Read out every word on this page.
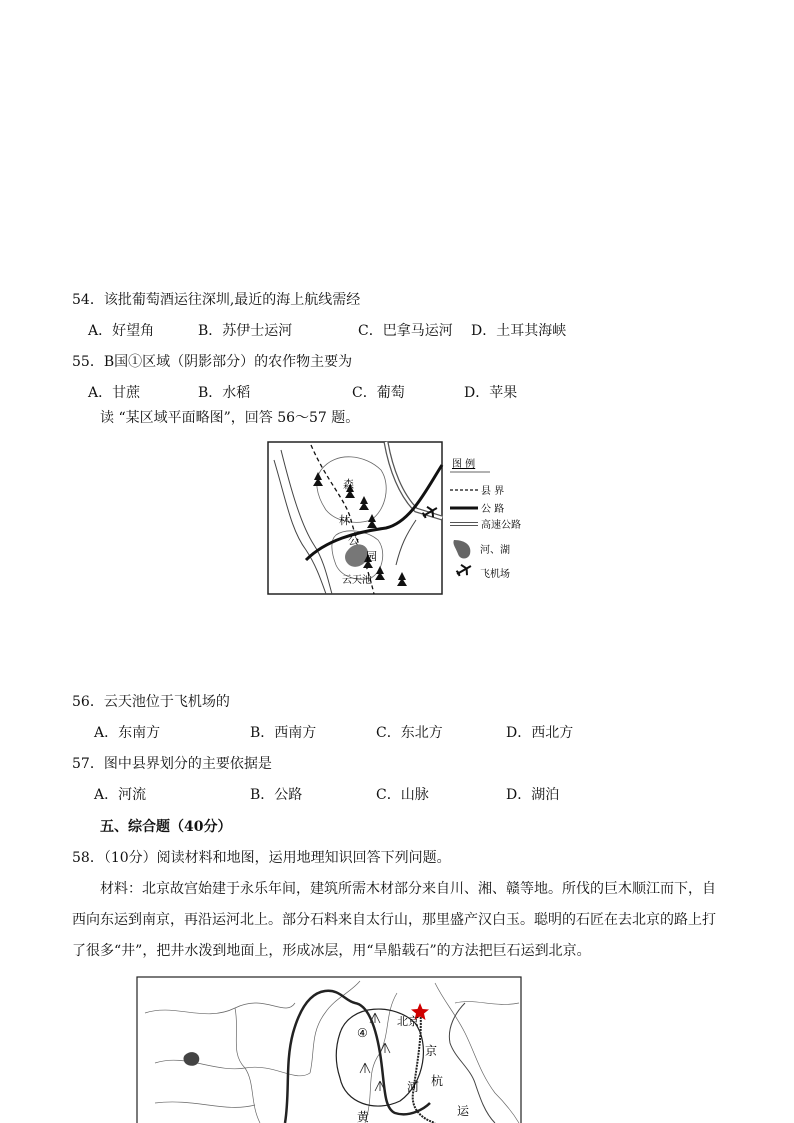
54．该批葡萄酒运往深圳,最近的海上航线需经
A．好望角	B．苏伊士运河	C．巴拿马运河 D．土耳其海峡
55．B国①区域（阴影部分）的农作物主要为
A．甘蔗	B．水稻	C．葡萄	D．苹果
读 “某区域平面略图”，回答 56～57 题。
森
林
公
园
云天池
图 例
县 界
公 路
高速公路
河、湖
飞机场
56．云天池位于飞机场的
A．东南方	B．西南方	C．东北方	D．西北方
57．图中县界划分的主要依据是
A．河流	B．公路	C．山脉	D．湖泊
五、综合题（40分）
58．（10分）阅读材料和地图，运用地理知识回答下列问题。
材料：北京故宫始建于永乐年间，建筑所需木材部分来自川、湘、赣等地。所伐的巨木顺江而下，自
西向东运到南京，再沿运河北上。部分石料来自太行山，那里盛产汉白玉。聪明的石匠在去北京的路上打
了很多“井”，把井水泼到地面上，形成冰层，用“旱船载石”的方法把巨石运到北京。
北京
④
京
杭
河
运
黄
